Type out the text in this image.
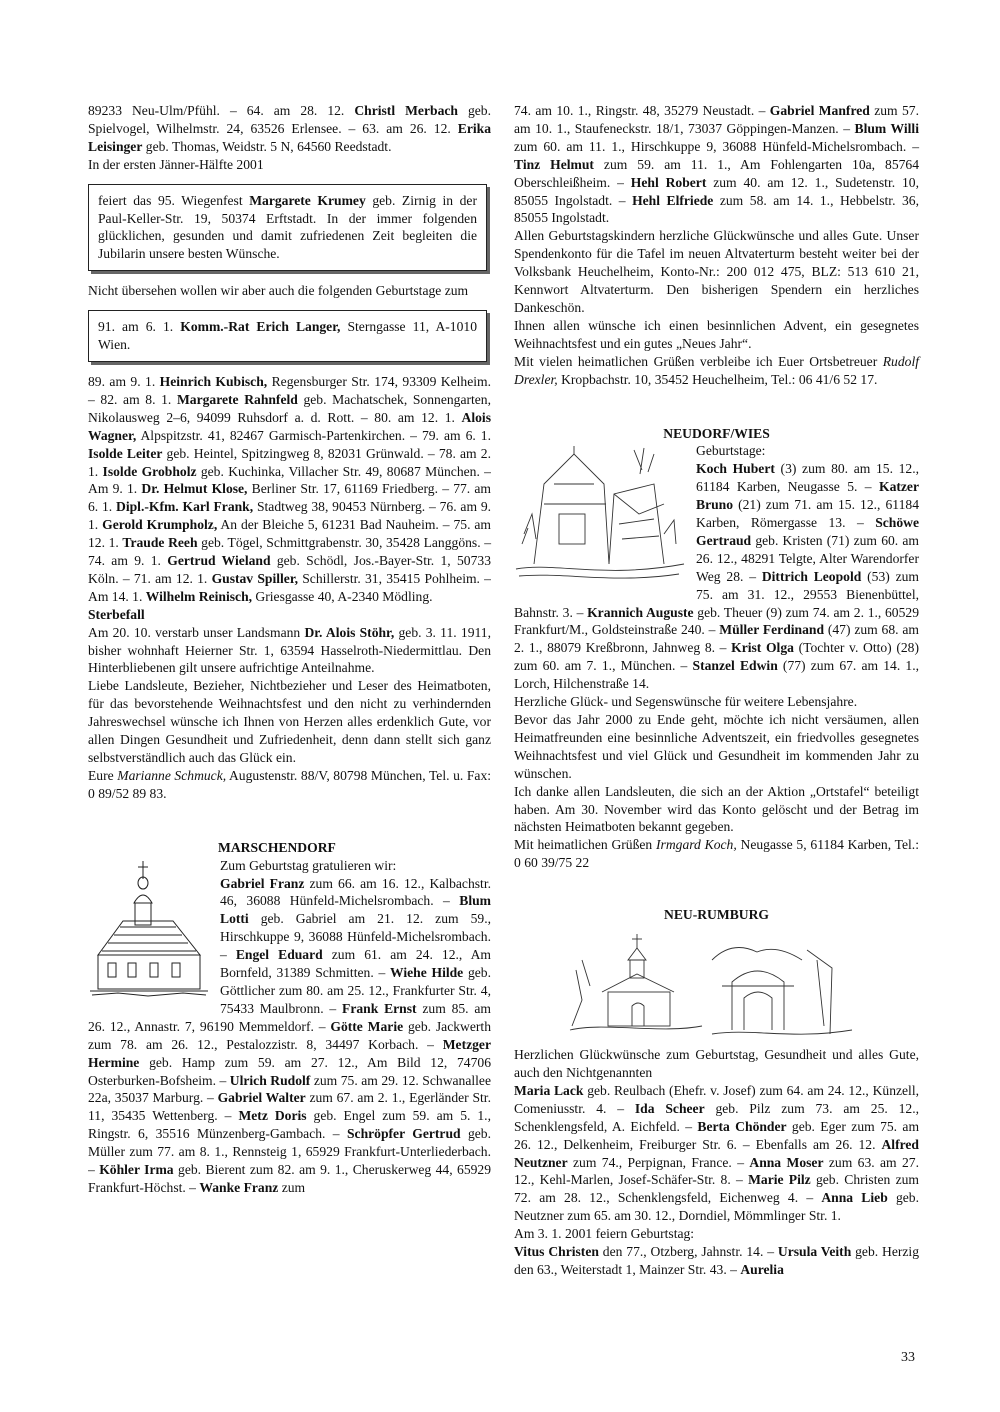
89233 Neu-Ulm/Pfühl. – 64. am 28. 12. Christl Merbach geb. Spielvogel, Wilhelmstr. 24, 63526 Erlensee. – 63. am 26. 12. Erika Leisinger geb. Thomas, Weidstr. 5 N, 64560 Reedstadt.

In der ersten Jänner-Hälfte 2001

feiert das 95. Wiegenfest Margarete Krumey geb. Zirnig in der Paul-Keller-Str. 19, 50374 Erftstadt. In der immer folgenden glücklichen, gesunden und damit zufriedenen Zeit begleiten die Jubilarin unsere besten Wünsche.

Nicht übersehen wollen wir aber auch die folgenden Geburtstage zum

91. am 6. 1. Komm.-Rat Erich Langer, Sterngasse 11, A-1010 Wien.

89. am 9. 1. Heinrich Kubisch, Regensburger Str. 174, 93309 Kelheim. – 82. am 8. 1. Margarete Rahnfeld geb. Machatschek, Sonnengarten, Nikolausweg 2–6, 94099 Ruhsdorf a. d. Rott. – 80. am 12. 1. Alois Wagner, Alpspitzstr. 41, 82467 Garmisch-Partenkirchen. – 79. am 6. 1. Isolde Leiter geb. Heintel, Spitzingweg 8, 82031 Grünwald. – 78. am 2. 1. Isolde Grobholz geb. Kuchinka, Villacher Str. 49, 80687 München. – Am 9. 1. Dr. Helmut Klose, Berliner Str. 17, 61169 Friedberg. – 77. am 6. 1. Dipl.-Kfm. Karl Frank, Stadtweg 38, 90453 Nürnberg. – 76. am 9. 1. Gerold Krumpholz, An der Bleiche 5, 61231 Bad Nauheim. – 75. am 12. 1. Traude Reeh geb. Tögel, Schmittgrabenstr. 30, 35428 Langgöns. – 74. am 9. 1. Gertrud Wieland geb. Schödl, Jos.-Bayer-Str. 1, 50733 Köln. – 71. am 12. 1. Gustav Spiller, Schillerstr. 31, 35415 Pohlheim. – Am 14. 1. Wilhelm Reinisch, Griesgasse 40, A-2340 Mödling.

Sterbefall

Am 20. 10. verstarb unser Landsmann Dr. Alois Stöhr, geb. 3. 11. 1911, bisher wohnhaft Heierner Str. 1, 63594 Hasselroth-Niedermittlau. Den Hinterbliebenen gilt unsere aufrichtige Anteilnahme.

Liebe Landsleute, Bezieher, Nichtbezieher und Leser des Heimatboten, für das bevorstehende Weihnachtsfest und den nicht zu verhindernden Jahreswechsel wünsche ich Ihnen von Herzen alles erdenklich Gute, vor allen Dingen Gesundheit und Zufriedenheit, denn dann stellt sich ganz selbstverständlich auch das Glück ein.

Eure Marianne Schmuck, Augustenstr. 88/V, 80798 München, Tel. u. Fax: 0 89/52 89 83.

MARSCHENDORF

Zum Geburtstag gratulieren wir:

Gabriel Franz zum 66. am 16. 12., Kalbachstr. 46, 36088 Hünfeld-Michelsrombach. – Blum Lotti geb. Gabriel am 21. 12. zum 59., Hirschkuppe 9, 36088 Hünfeld-Michelsrombach. – Engel Eduard zum 61. am 24. 12., Am Bornfeld, 31389 Schmitten. – Wiehe Hilde geb. Göttlicher zum 80. am 25. 12., Frankfurter Str. 4, 75433 Maulbronn. – Frank Ernst zum 85. am 26. 12., Annastr. 7, 96190 Memmeldorf. – Götte Marie geb. Jackwerth zum 78. am 26. 12., Pestalozzistr. 8, 34497 Korbach. – Metzger Hermine geb. Hamp zum 59. am 27. 12., Am Bild 12, 74706 Osterburken-Bofsheim. – Ulrich Rudolf zum 75. am 29. 12. Schwanallee 22a, 35037 Marburg. – Gabriel Walter zum 67. am 2. 1., Egerländer Str. 11, 35435 Wettenberg. – Metz Doris geb. Engel zum 59. am 5. 1., Ringstr. 6, 35516 Münzenberg-Gambach. – Schröpfer Gertrud geb. Müller zum 77. am 8. 1., Rennsteig 1, 65929 Frankfurt-Unterliederbach. – Köhler Irma geb. Bierent zum 82. am 9. 1., Cheruskerweg 44, 65929 Frankfurt-Höchst. – Wanke Franz zum

74. am 10. 1., Ringstr. 48, 35279 Neustadt. – Gabriel Manfred zum 57. am 10. 1., Staufeneckstr. 18/1, 73037 Göppingen-Manzen. – Blum Willi zum 60. am 11. 1., Hirschkuppe 9, 36088 Hünfeld-Michelsrombach. – Tinz Helmut zum 59. am 11. 1., Am Fohlengarten 10a, 85764 Oberschleißheim. – Hehl Robert zum 40. am 12. 1., Sudetenstr. 10, 85055 Ingolstadt. – Hehl Elfriede zum 58. am 14. 1., Hebbelstr. 36, 85055 Ingolstadt.

Allen Geburtstagskindern herzliche Glückwünsche und alles Gute. Unser Spendenkonto für die Tafel im neuen Altvaterturm besteht weiter bei der Volksbank Heuchelheim, Konto-Nr.: 200 012 475, BLZ: 513 610 21, Kennwort Altvaterturm. Den bisherigen Spendern ein herzliches Dankeschön.

Ihnen allen wünsche ich einen besinnlichen Advent, ein gesegnetes Weihnachtsfest und ein gutes „Neues Jahr“.

Mit vielen heimatlichen Grüßen verbleibe ich Euer Ortsbetreuer Rudolf Drexler, Kropbachstr. 10, 35452 Heuchelheim, Tel.: 06 41/6 52 17.

NEUDORF/WIES

Geburtstage:

Koch Hubert (3) zum 80. am 15. 12., 61184 Karben, Neugasse 5. – Katzer Bruno (21) zum 71. am 15. 12., 61184 Karben, Römergasse 13. – Schöwe Gertraud geb. Kristen (71) zum 60. am 26. 12., 48291 Telgte, Alter Warendorfer Weg 28. – Dittrich Leopold (53) zum 75. am 31. 12., 29553 Bienenbüttel, Bahnstr. 3. – Krannich Auguste geb. Theuer (9) zum 74. am 2. 1., 60529 Frankfurt/M., Goldsteinstraße 240. – Müller Ferdinand (47) zum 68. am 2. 1., 88079 Kreßbronn, Jahnweg 8. – Krist Olga (Tochter v. Otto) (28) zum 60. am 7. 1., München. – Stanzel Edwin (77) zum 67. am 14. 1., Lorch, Hilchenstraße 14.

Herzliche Glück- und Segenswünsche für weitere Lebensjahre.

Bevor das Jahr 2000 zu Ende geht, möchte ich nicht versäumen, allen Heimatfreunden eine besinnliche Adventszeit, ein friedvolles gesegnetes Weihnachtsfest und viel Glück und Gesundheit im kommenden Jahr zu wünschen.

Ich danke allen Landsleuten, die sich an der Aktion „Ortstafel“ beteiligt haben. Am 30. November wird das Konto gelöscht und der Betrag im nächsten Heimatboten bekannt gegeben.

Mit heimatlichen Grüßen Irmgard Koch, Neugasse 5, 61184 Karben, Tel.: 0 60 39/75 22

NEU-RUMBURG

Herzlichen Glückwünsche zum Geburtstag, Gesundheit und alles Gute, auch den Nichtgenannten

Maria Lack geb. Reulbach (Ehefr. v. Josef) zum 64. am 24. 12., Künzell, Comeniusstr. 4. – Ida Scheer geb. Pilz zum 73. am 25. 12., Schenklengsfeld, A. Eichfeld. – Berta Chönder geb. Eger zum 75. am 26. 12., Delkenheim, Freiburger Str. 6. – Ebenfalls am 26. 12. Alfred Neutzner zum 74., Perpignan, France. – Anna Moser zum 63. am 27. 12., Kehl-Marlen, Josef-Schäfer-Str. 8. – Marie Pilz geb. Christen zum 72. am 28. 12., Schenklengsfeld, Eichenweg 4. – Anna Lieb geb. Neutzner zum 65. am 30. 12., Dorndiel, Mömmlinger Str. 1.

Am 3. 1. 2001 feiern Geburtstag:

Vitus Christen den 77., Otzberg, Jahnstr. 14. – Ursula Veith geb. Herzig den 63., Weiterstadt 1, Mainzer Str. 43. – Aurelia

33
